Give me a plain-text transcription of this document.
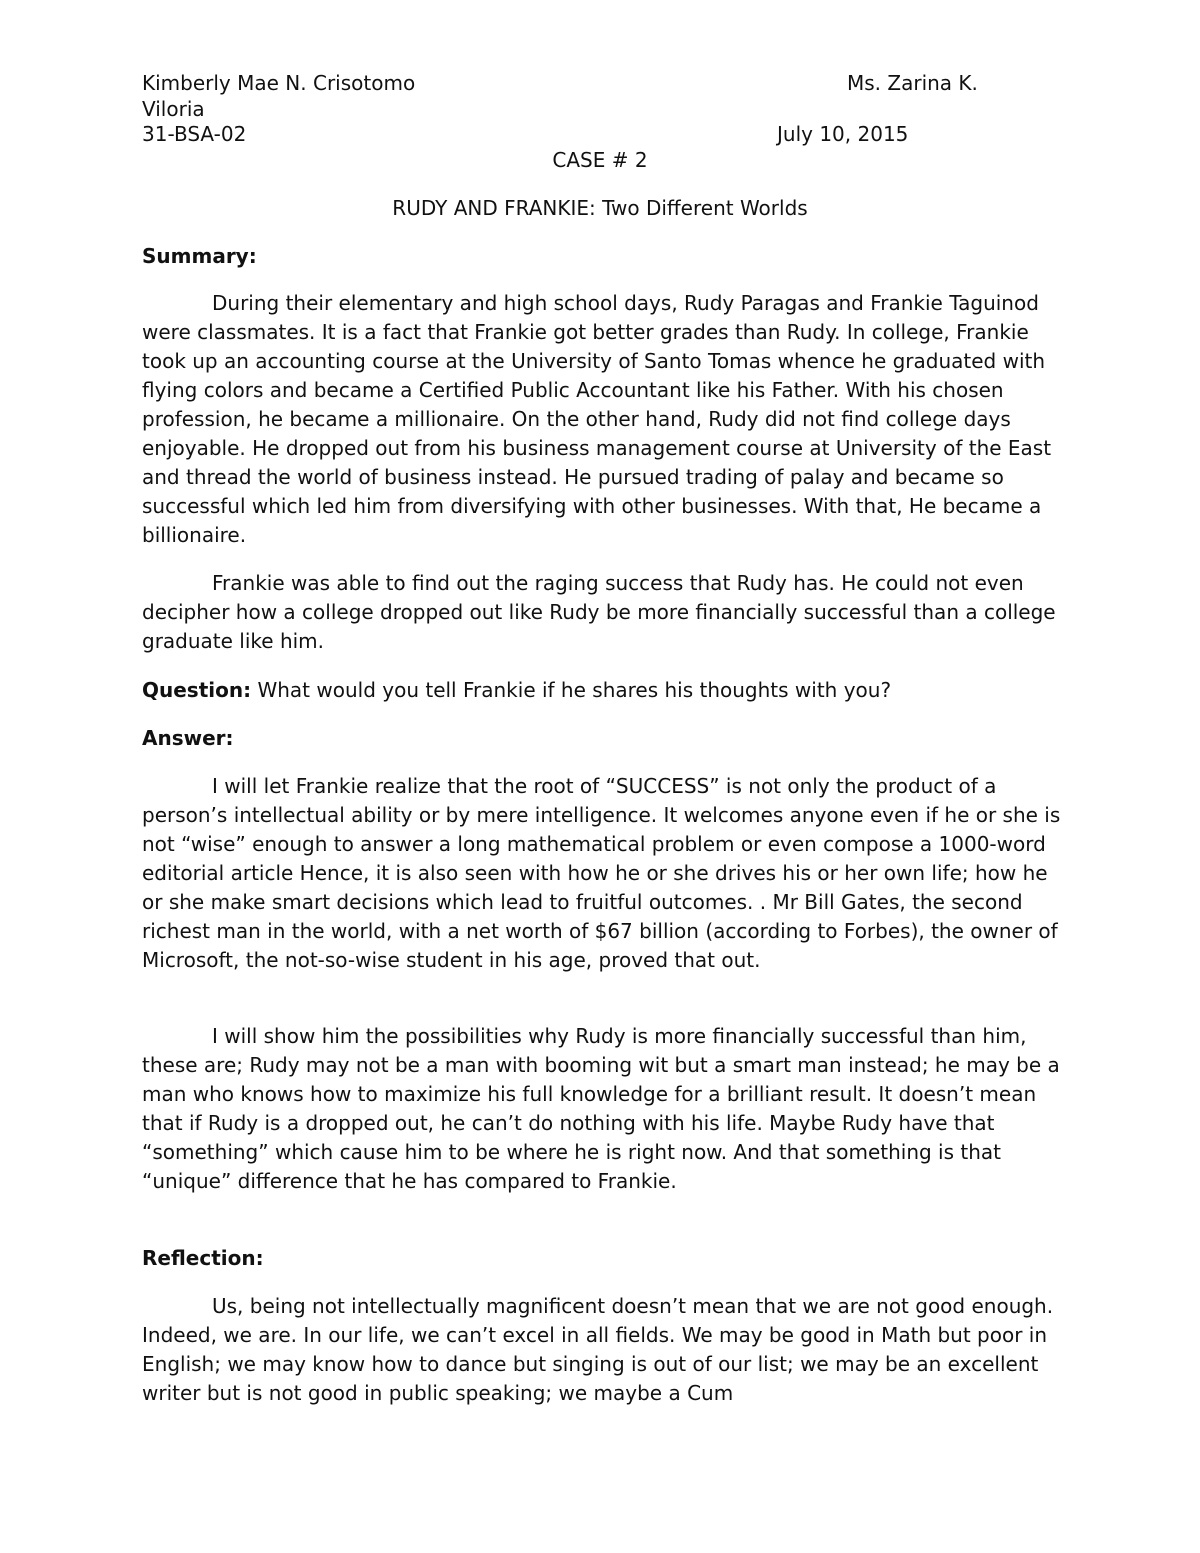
Kimberly Mae N. Crisotomo	Ms. Zarina K.
Viloria
31-BSA-02	July 10, 2015
CASE # 2
RUDY AND FRANKIE: Two Different Worlds
Summary:

During their elementary and high school days, Rudy Paragas and Frankie Taguinod were classmates. It is a fact that Frankie got better grades than Rudy. In college, Frankie took up an accounting course at the University of Santo Tomas whence he graduated with flying colors and became a Certified Public Accountant like his Father. With his chosen profession, he became a millionaire. On the other hand, Rudy did not find college days enjoyable. He dropped out from his business management course at University of the East and thread the world of business instead. He pursued trading of palay and became so successful which led him from diversifying with other businesses. With that, He became a billionaire.

Frankie was able to find out the raging success that Rudy has. He could not even decipher how a college dropped out like Rudy be more financially successful than a college graduate like him.

Question: What would you tell Frankie if he shares his thoughts with you?
Answer:

I will let Frankie realize that the root of “SUCCESS” is not only the product of a person’s intellectual ability or by mere intelligence. It welcomes anyone even if he or she is not “wise” enough to answer a long mathematical problem or even compose a 1000-word editorial article Hence, it is also seen with how he or she drives his or her own life; how he or she make smart decisions which lead to fruitful outcomes. . Mr Bill Gates, the second richest man in the world, with a net worth of $67 billion (according to Forbes), the owner of Microsoft, the not-so-wise student in his age, proved that out.

I will show him the possibilities why Rudy is more financially successful than him, these are; Rudy may not be a man with booming wit but a smart man instead; he may be a man who knows how to maximize his full knowledge for a brilliant result. It doesn’t mean that if Rudy is a dropped out, he can’t do nothing with his life. Maybe Rudy have that “something” which cause him to be where he is right now. And that something is that “unique” difference that he has compared to Frankie.

Reflection:

Us, being not intellectually magnificent doesn’t mean that we are not good enough. Indeed, we are. In our life, we can’t excel in all fields. We may be good in Math but poor in English; we may know how to dance but singing is out of our list; we may be an excellent writer but is not good in public speaking; we maybe a Cum
